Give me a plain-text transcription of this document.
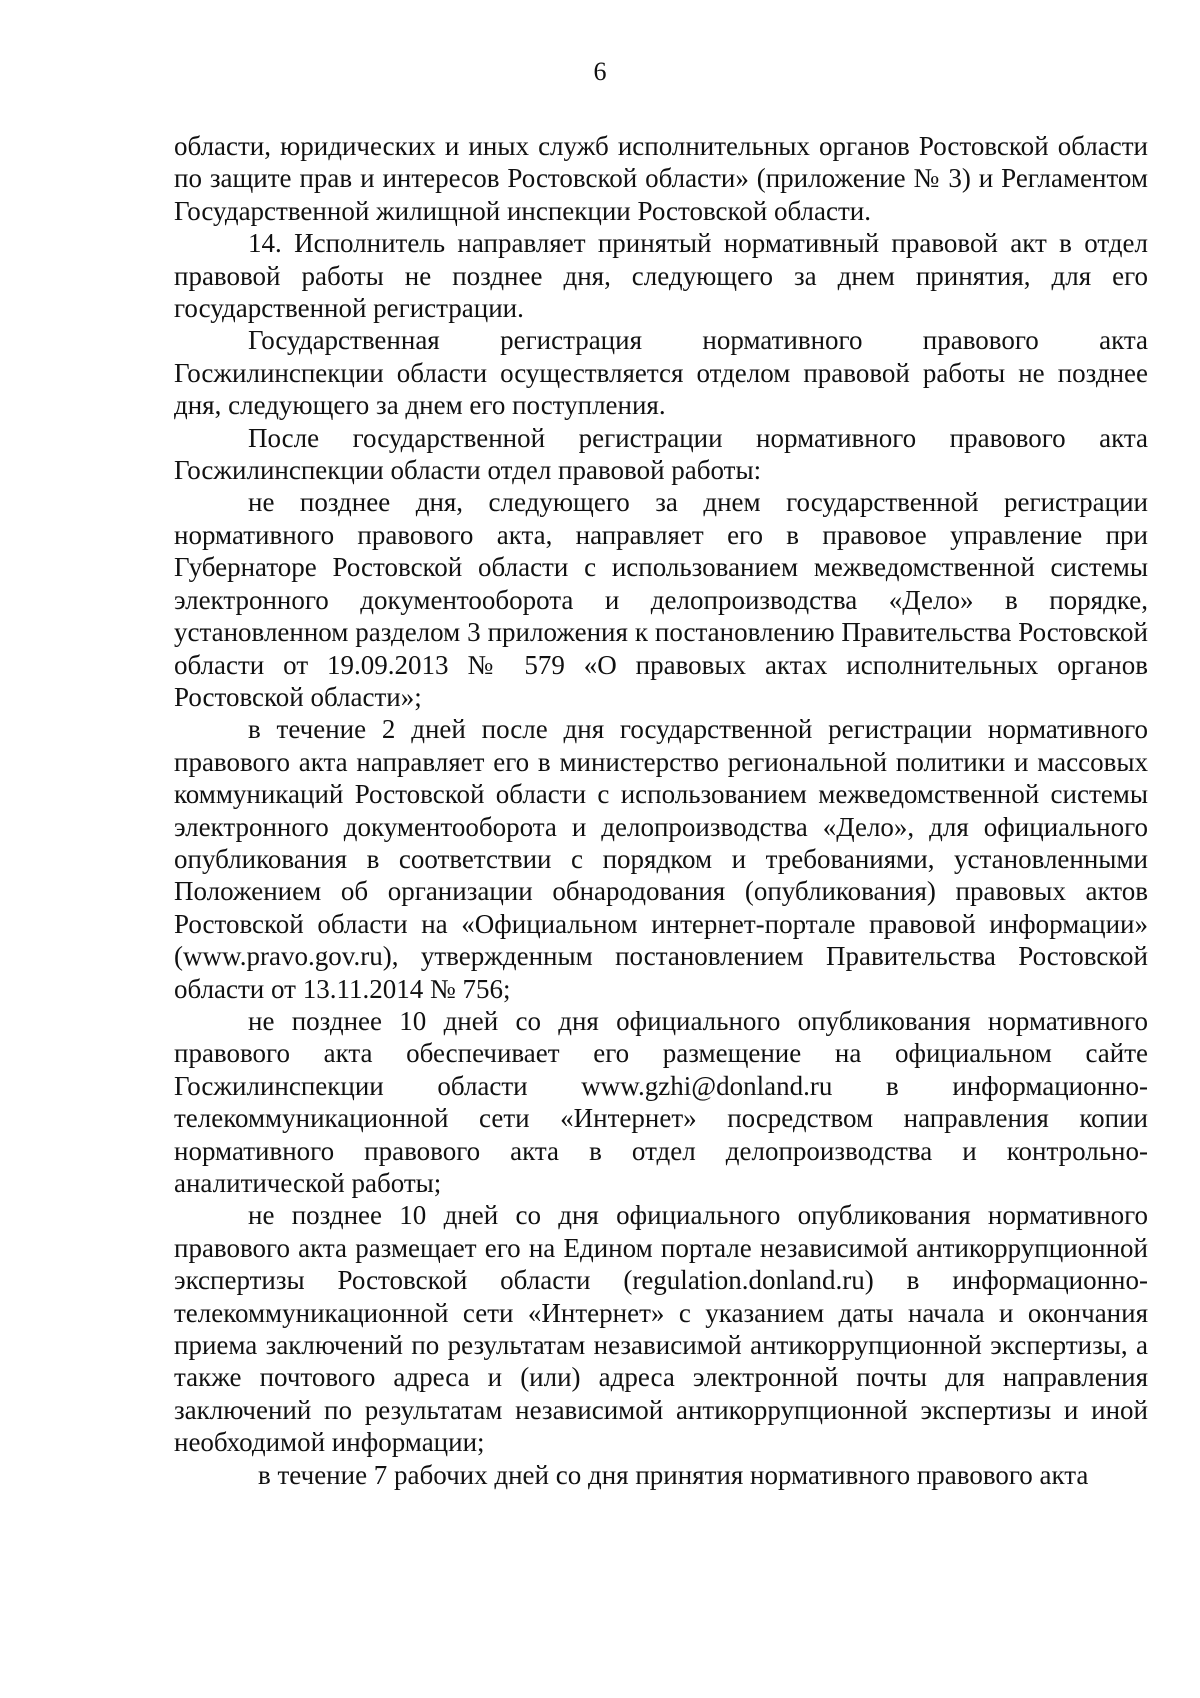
6

области, юридических и иных служб исполнительных органов Ростовской области по защите прав и интересов Ростовской области» (приложение № 3) и Регламентом Государственной жилищной инспекции Ростовской области.

14. Исполнитель направляет принятый нормативный правовой акт в отдел правовой работы не позднее дня, следующего за днем принятия, для его государственной регистрации.

Государственная регистрация нормативного правового акта Госжилинспекции области осуществляется отделом правовой работы не позднее дня, следующего за днем его поступления.

После государственной регистрации нормативного правового акта Госжилинспекции области отдел правовой работы:

не позднее дня, следующего за днем государственной регистрации нормативного правового акта, направляет его в правовое управление при Губернаторе Ростовской области с использованием межведомственной системы электронного документооборота и делопроизводства «Дело» в порядке, установленном разделом 3 приложения к постановлению Правительства Ростовской области от 19.09.2013 № 579 «О правовых актах исполнительных органов Ростовской области»;

в течение 2 дней после дня государственной регистрации нормативного правового акта направляет его в министерство региональной политики и массовых коммуникаций Ростовской области с использованием межведомственной системы электронного документооборота и делопроизводства «Дело», для официального опубликования в соответствии с порядком и требованиями, установленными Положением об организации обнародования (опубликования) правовых актов Ростовской области на «Официальном интернет-портале правовой информации» (www.pravo.gov.ru), утвержденным постановлением Правительства Ростовской области от 13.11.2014 № 756;

не позднее 10 дней со дня официального опубликования нормативного правового акта обеспечивает его размещение на официальном сайте Госжилинспекции области www.gzhi@donland.ru в информационно-телекоммуникационной сети «Интернет» посредством направления копии нормативного правового акта в отдел делопроизводства и контрольно-аналитической работы;

не позднее 10 дней со дня официального опубликования нормативного правового акта размещает его на Едином портале независимой антикоррупционной экспертизы Ростовской области (regulation.donland.ru) в информационно-телекоммуникационной сети «Интернет» с указанием даты начала и окончания приема заключений по результатам независимой антикоррупционной экспертизы, а также почтового адреса и (или) адреса электронной почты для направления заключений по результатам независимой антикоррупционной экспертизы и иной необходимой информации;

в течение 7 рабочих дней со дня принятия нормативного правового акта
